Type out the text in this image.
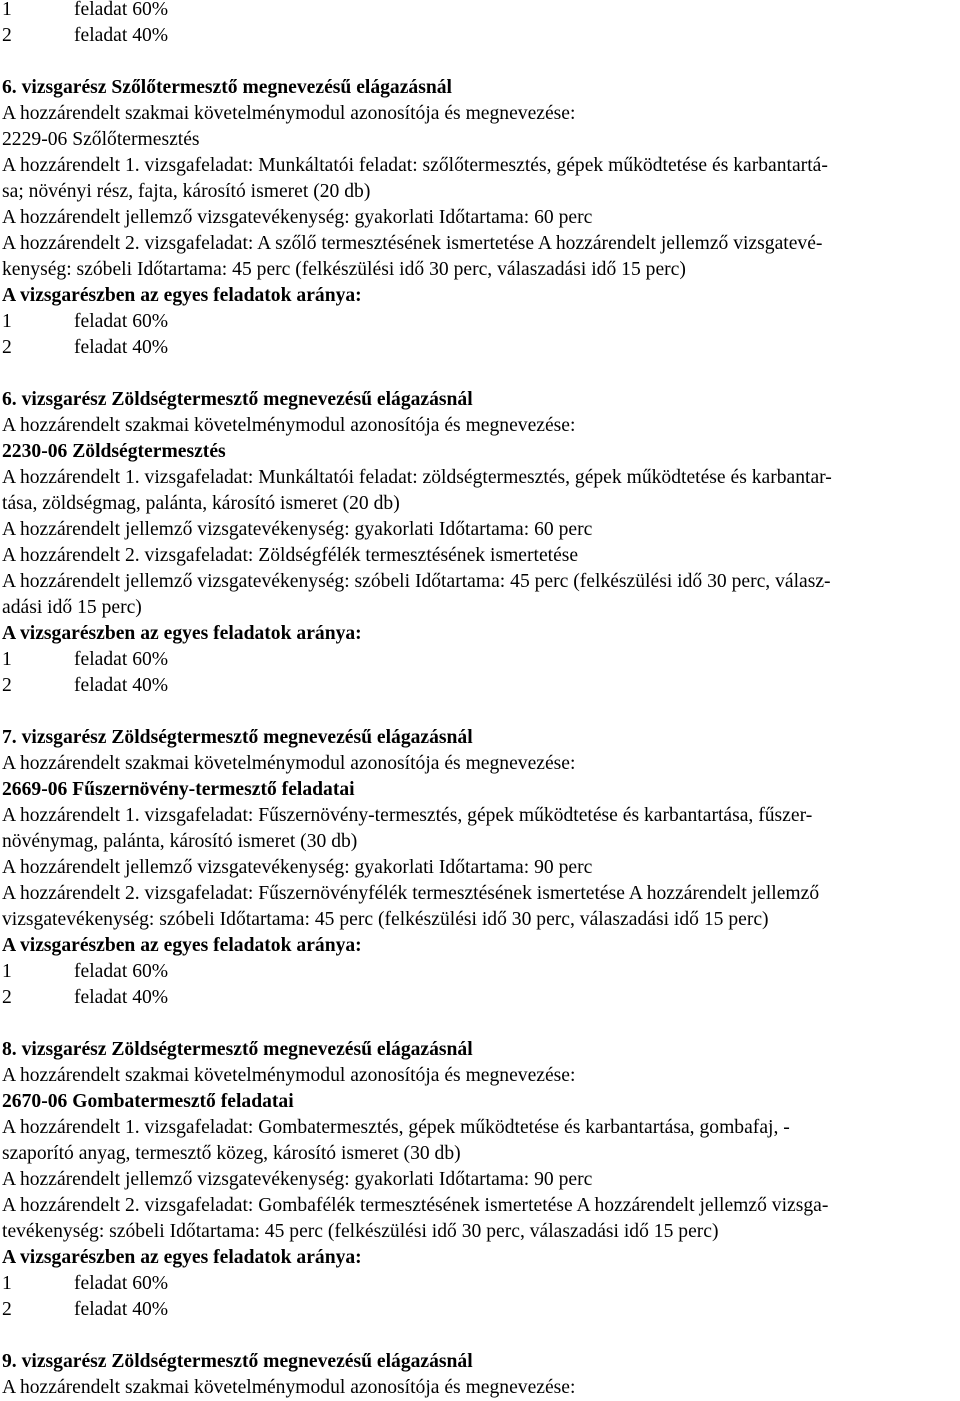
1	feladat 60%
2	feladat 40%
6. vizsgarész Szőlőtermesztő megnevezésű elágazásnál
A hozzárendelt szakmai követelménymodul azonosítója és megnevezése:
2229-06 Szőlőtermesztés
A hozzárendelt 1. vizsgafeladat: Munkáltatói feladat: szőlőtermesztés, gépek működtetése és karbantartá-
sa; növényi rész, fajta, károsító ismeret (20 db)
A hozzárendelt jellemző vizsgatevékenység: gyakorlati Időtartama: 60 perc
A hozzárendelt 2. vizsgafeladat: A szőlő termesztésének ismertetése A hozzárendelt jellemző vizsgatevé-
kenység: szóbeli Időtartama: 45 perc (felkészülési idő 30 perc, válaszadási idő 15 perc)
A vizsgarészben az egyes feladatok aránya:
1	feladat 60%
2	feladat 40%
6. vizsgarész Zöldségtermesztő megnevezésű elágazásnál
A hozzárendelt szakmai követelménymodul azonosítója és megnevezése:
2230-06 Zöldségtermesztés
A hozzárendelt 1. vizsgafeladat: Munkáltatói feladat: zöldségtermesztés, gépek működtetése és karbantar-
tása, zöldségmag, palánta, károsító ismeret (20 db)
A hozzárendelt jellemző vizsgatevékenység: gyakorlati Időtartama: 60 perc
A hozzárendelt 2. vizsgafeladat: Zöldségfélék termesztésének ismertetése
A hozzárendelt jellemző vizsgatevékenység: szóbeli Időtartama: 45 perc (felkészülési idő 30 perc, válasz-
adási idő 15 perc)
A vizsgarészben az egyes feladatok aránya:
1	feladat 60%
2	feladat 40%
7. vizsgarész Zöldségtermesztő megnevezésű elágazásnál
A hozzárendelt szakmai követelménymodul azonosítója és megnevezése:
2669-06 Fűszernövény-termesztő feladatai
A hozzárendelt 1. vizsgafeladat: Fűszernövény-termesztés, gépek működtetése és karbantartása, fűszer-
növénymag, palánta, károsító ismeret (30 db)
A hozzárendelt jellemző vizsgatevékenység: gyakorlati Időtartama: 90 perc
A hozzárendelt 2. vizsgafeladat: Fűszernövényfélék termesztésének ismertetése A hozzárendelt jellemző
vizsgatevékenység: szóbeli Időtartama: 45 perc (felkészülési idő 30 perc, válaszadási idő 15 perc)
A vizsgarészben az egyes feladatok aránya:
1	feladat 60%
2	feladat 40%
8. vizsgarész Zöldségtermesztő megnevezésű elágazásnál
A hozzárendelt szakmai követelménymodul azonosítója és megnevezése:
2670-06 Gombatermesztő feladatai
A hozzárendelt 1. vizsgafeladat: Gombatermesztés, gépek működtetése és karbantartása, gombafaj, -
szaporító anyag, termesztő közeg, károsító ismeret (30 db)
A hozzárendelt jellemző vizsgatevékenység: gyakorlati Időtartama: 90 perc
A hozzárendelt 2. vizsgafeladat: Gombafélék termesztésének ismertetése A hozzárendelt jellemző vizsga-
tevékenység: szóbeli Időtartama: 45 perc (felkészülési idő 30 perc, válaszadási idő 15 perc)
A vizsgarészben az egyes feladatok aránya:
1	feladat 60%
2	feladat 40%
9. vizsgarész Zöldségtermesztő megnevezésű elágazásnál
A hozzárendelt szakmai követelménymodul azonosítója és megnevezése:
